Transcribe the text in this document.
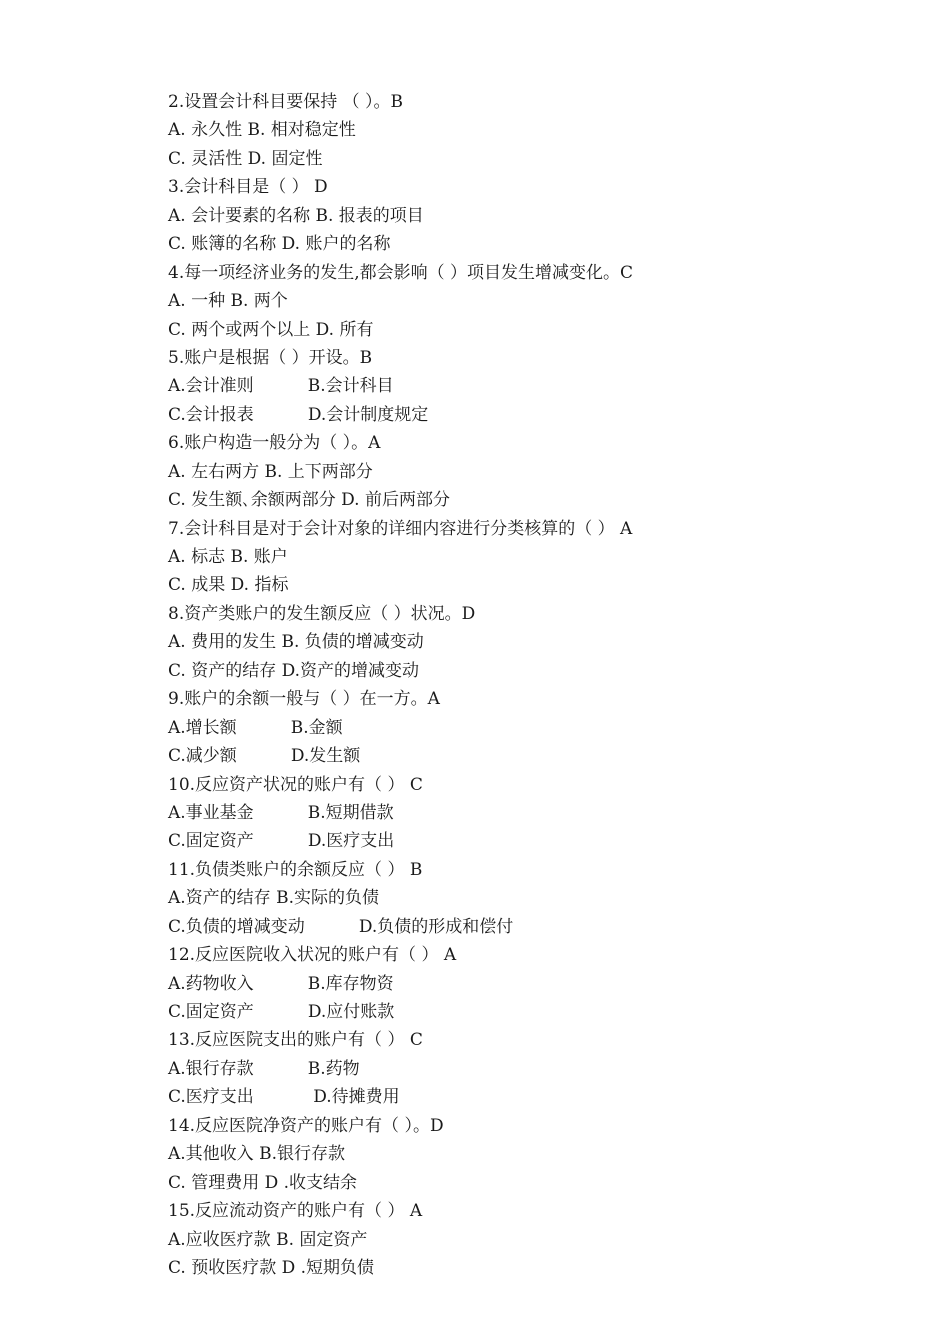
2.设置会计科目要保持 （ ）。B
A. 永久性 B. 相对稳定性
C. 灵活性 D. 固定性
3.会计科目是（ ） D
A. 会计要素的名称 B. 报表的项目
C. 账簿的名称 D. 账户的名称
4.每一项经济业务的发生,都会影响（ ）项目发生增减变化。C
A. 一种 B. 两个
C. 两个或两个以上 D. 所有
5.账户是根据（ ）开设。B
A.会计准则          B.会计科目
C.会计报表          D.会计制度规定
6.账户构造一般分为（ ）。A
A. 左右两方 B. 上下两部分
C. 发生额､余额两部分 D. 前后两部分
7.会计科目是对于会计对象的详细内容进行分类核算的（ ） A
A. 标志 B. 账户
C. 成果 D. 指标
8.资产类账户的发生额反应（ ）状况。D
A. 费用的发生 B. 负债的增减变动
C. 资产的结存 D.资产的增减变动
9.账户的余额一般与（ ）在一方。A
A.增长额          B.金额
C.减少额          D.发生额
10.反应资产状况的账户有（ ） C
A.事业基金          B.短期借款
C.固定资产          D.医疗支出
11.负债类账户的余额反应（ ） B
A.资产的结存 B.实际的负债
C.负债的增减变动          D.负债的形成和偿付
12.反应医院收入状况的账户有（ ） A
A.药物收入          B.库存物资
C.固定资产          D.应付账款
13.反应医院支出的账户有（ ） C
A.银行存款          B.药物
C.医疗支出           D.待摊费用
14.反应医院净资产的账户有（ ）。D
A.其他收入 B.银行存款
C. 管理费用 D .收支结余
15.反应流动资产的账户有（ ） A
A.应收医疗款 B. 固定资产
C. 预收医疗款 D .短期负债
